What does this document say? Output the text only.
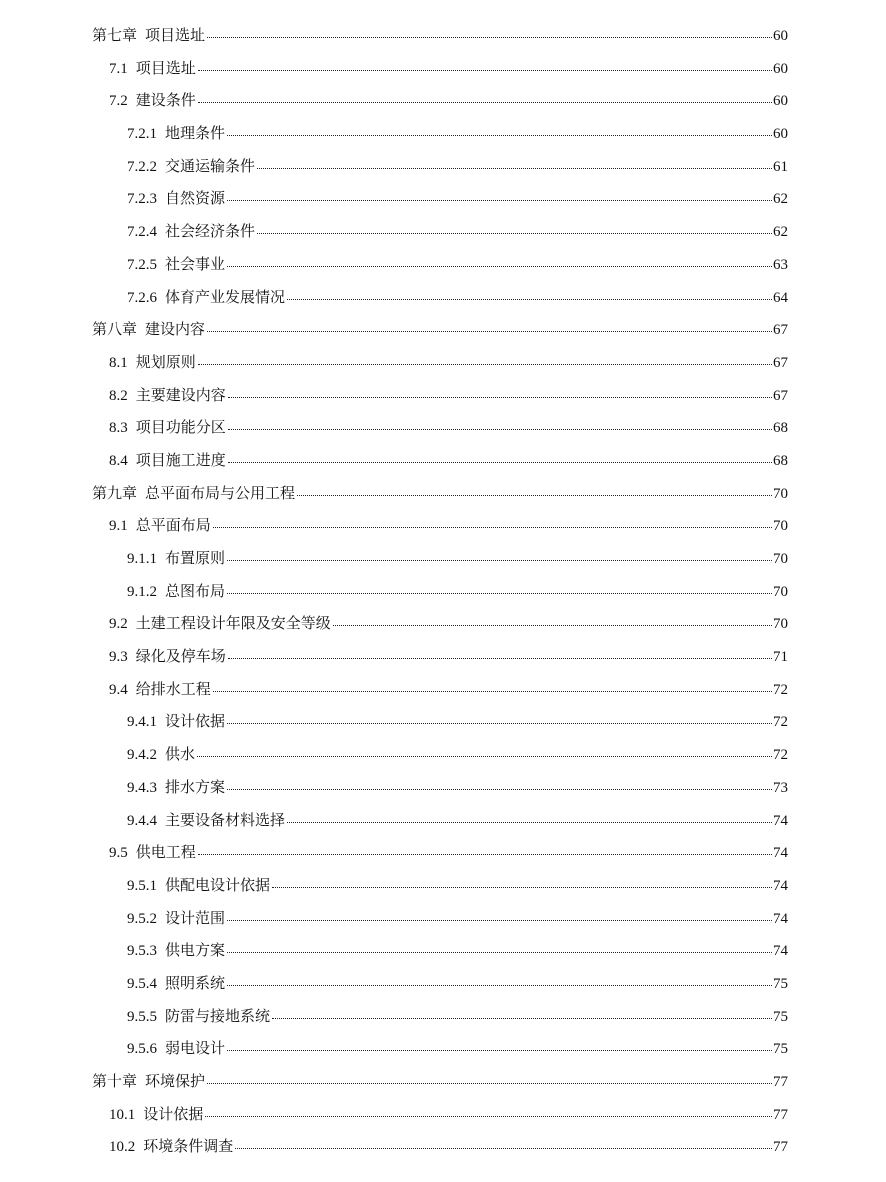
第七章 项目选址	60
7.1 项目选址	60
7.2 建设条件	60
7.2.1 地理条件	60
7.2.2 交通运输条件	61
7.2.3 自然资源	62
7.2.4 社会经济条件	62
7.2.5 社会事业	63
7.2.6 体育产业发展情况	64
第八章 建设内容	67
8.1 规划原则	67
8.2 主要建设内容	67
8.3 项目功能分区	68
8.4 项目施工进度	68
第九章 总平面布局与公用工程	70
9.1 总平面布局	70
9.1.1 布置原则	70
9.1.2 总图布局	70
9.2 土建工程设计年限及安全等级	70
9.3 绿化及停车场	71
9.4 给排水工程	72
9.4.1 设计依据	72
9.4.2 供水	72
9.4.3 排水方案	73
9.4.4 主要设备材料选择	74
9.5 供电工程	74
9.5.1 供配电设计依据	74
9.5.2 设计范围	74
9.5.3 供电方案	74
9.5.4 照明系统	75
9.5.5 防雷与接地系统	75
9.5.6 弱电设计	75
第十章 环境保护	77
10.1 设计依据	77
10.2 环境条件调查	77
